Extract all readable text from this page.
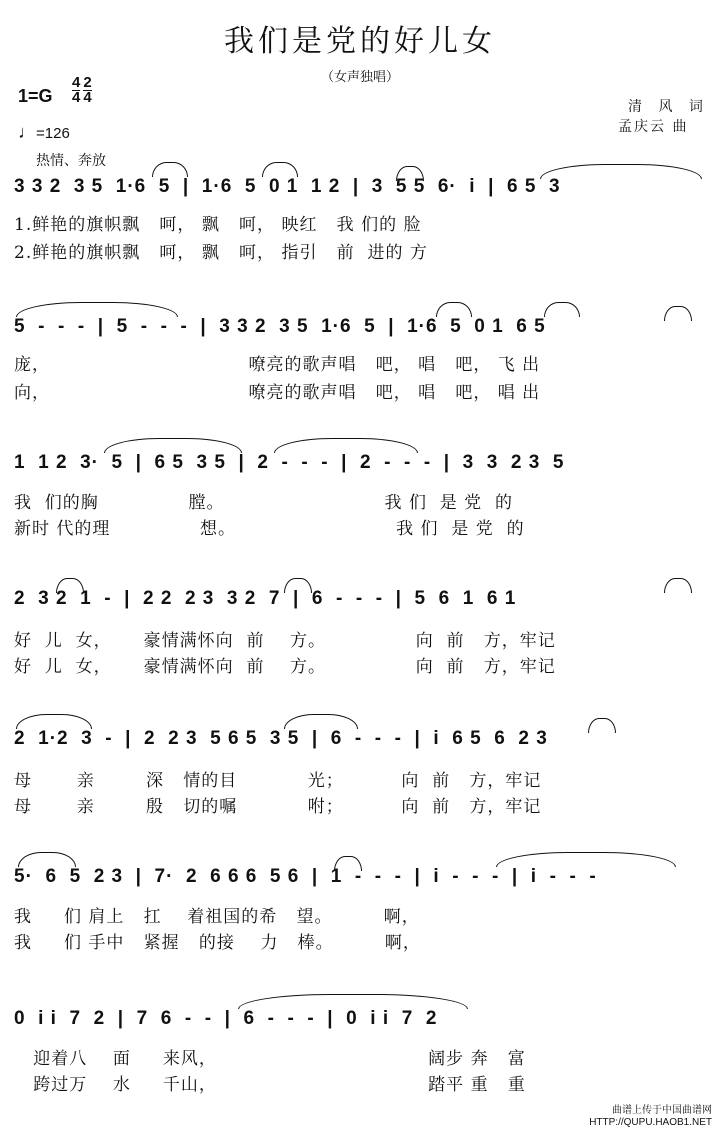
我们是党的好儿女
（女声独唱）
$1=G \frac{4}{4} \frac{2}{4}$
♩=126
清 风 词
孟庆云 曲
热情、奔放
3 3 2  3 5  1·6  5  |  1·6  5  0 1  1 2  |  3  5 5  6·  i  |  6 5  3
1.鲜艳的旗帜飘   呵， 飘   呵， 映红   我 们的 脸
2.鲜艳的旗帜飘   呵， 飘   呵， 指引   前  进的 方
5  -  -  -  |  5  -  -  -  |  3 3 2  3 5  1·6  5  |  1·6  5  0 1  6 5
庞，                               嘹亮的歌声唱   吧， 唱   吧， 飞 出
向，                               嘹亮的歌声唱   吧， 唱   吧， 唱 出
1  1 2  3·  5  |  6 5  3 5  |  2  -  -  -  |  2  -  -  -  |  3  3  2 3  5
我  们的胸              膛。                         我 们  是 党  的
新时 代的理              想。                         我 们  是 党  的
2  3 2  1  -  |  2 2  2 3  3 2  7  |  6  -  -  -  |  5  6  1  6 1
好  儿  女，     豪情满怀向  前    方。              向  前   方，牢记
好  儿  女，     豪情满怀向  前    方。              向  前   方，牢记
2  1·2  3  -  |  2  2 3  5 6 5  3 5  |  6  -  -  -  |  i  6 5  6  2 3
母       亲        深   情的目           光；         向  前   方，牢记
母       亲        殷   切的嘱           咐；         向  前   方，牢记
5·  6  5  2 3  |  7·  2  6 6 6  5 6  |  1  -  -  -  |  i  -  -  -  |  i  -  -  -
我     们 肩上   扛    着祖国的希   望。        啊，
我     们 手中   紧握   的接    力   棒。        啊，
0  i i  7  2  |  7  6  -  -  |  6  -  -  -  |  0  i i  7  2
迎着八    面     来风，                                 阔步 奔   富
跨过万    水     千山，                                 踏平 重   重
曲谱上传于中国曲谱网
HTTP://QUPU.HAOB1.NET
